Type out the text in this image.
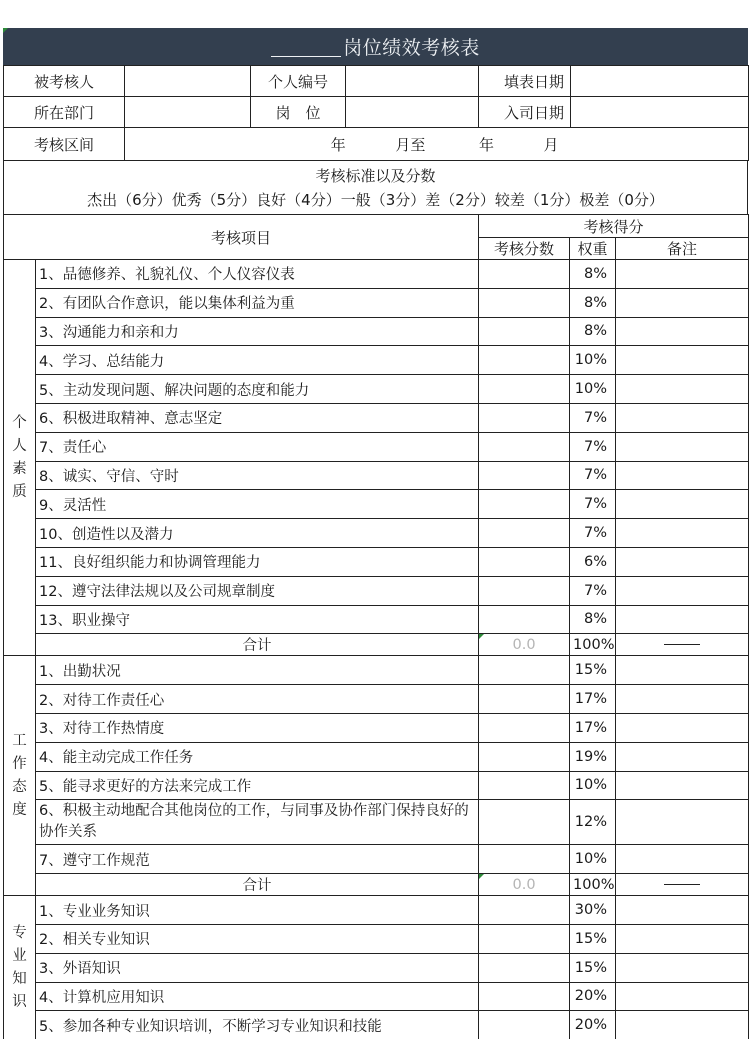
岗位绩效考核表
被考核人		个人编号		填表日期	
所在部门		岗　位		入司日期	
考核区间	年 月至 年 月				
考核标准以及分数
杰出（6分）优秀（5分）良好（4分）一般（3分）差（2分）较差（1分）极差（0分）
考核项目		考核得分		
		考核分数	权重	备注
个
人
素
质	1、品德修养、礼貌礼仪、个人仪容仪表		8%	
	2、有团队合作意识，能以集体利益为重		8%	
	3、沟通能力和亲和力		8%	
	4、学习、总结能力		10%	
	5、主动发现问题、解决问题的态度和能力		10%	
	6、积极进取精神、意志坚定		7%	
	7、责任心		7%	
	8、诚实、守信、守时		7%	
	9、灵活性		7%	
	10、创造性以及潜力		7%	
	11、良好组织能力和协调管理能力		6%	
	12、遵守法律法规以及公司规章制度		7%	
	13、职业操守		8%	
	合计	0.0	100%	
工
作
态
度	1、出勤状况		15%	
	2、对待工作责任心		17%	
	3、对待工作热情度		17%	
	4、能主动完成工作任务		19%	
	5、能寻求更好的方法来完成工作		10%	
	6、积极主动地配合其他岗位的工作，与同事及协作部门保持良好的协作关系		12%	
	7、遵守工作规范		10%	
	合计	0.0	100%	
专
业
知
识	1、专业业务知识		30%	
	2、相关专业知识		15%	
	3、外语知识		15%	
	4、计算机应用知识		20%	
	5、参加各种专业知识培训，不断学习专业知识和技能		20%	
